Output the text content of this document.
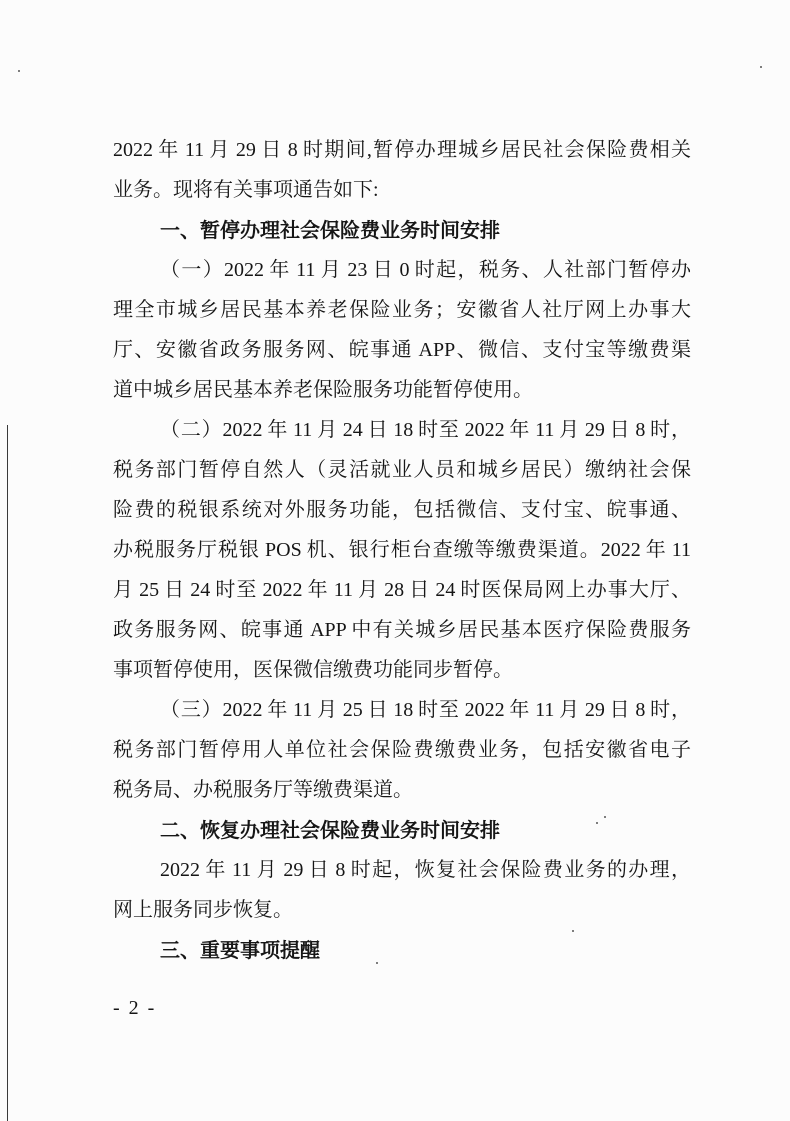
2022 年 11 月 29 日 8 时期间,暂停办理城乡居民社会保险费相关
业务。现将有关事项通告如下:
一、暂停办理社会保险费业务时间安排
（一）2022 年 11 月 23 日 0 时起，税务、人社部门暂停办
理全市城乡居民基本养老保险业务；安徽省人社厅网上办事大
厅、安徽省政务服务网、皖事通 APP、微信、支付宝等缴费渠
道中城乡居民基本养老保险服务功能暂停使用。
（二）2022 年 11 月 24 日 18 时至 2022 年 11 月 29 日 8 时，
税务部门暂停自然人（灵活就业人员和城乡居民）缴纳社会保
险费的税银系统对外服务功能，包括微信、支付宝、皖事通、
办税服务厅税银 POS 机、银行柜台查缴等缴费渠道。2022 年 11
月 25 日 24 时至 2022 年 11 月 28 日 24 时医保局网上办事大厅、
政务服务网、皖事通 APP 中有关城乡居民基本医疗保险费服务
事项暂停使用，医保微信缴费功能同步暂停。
（三）2022 年 11 月 25 日 18 时至 2022 年 11 月 29 日 8 时，
税务部门暂停用人单位社会保险费缴费业务，包括安徽省电子
税务局、办税服务厅等缴费渠道。
二、恢复办理社会保险费业务时间安排
2022 年 11 月 29 日 8 时起，恢复社会保险费业务的办理，
网上服务同步恢复。
三、重要事项提醒
- 2 -
